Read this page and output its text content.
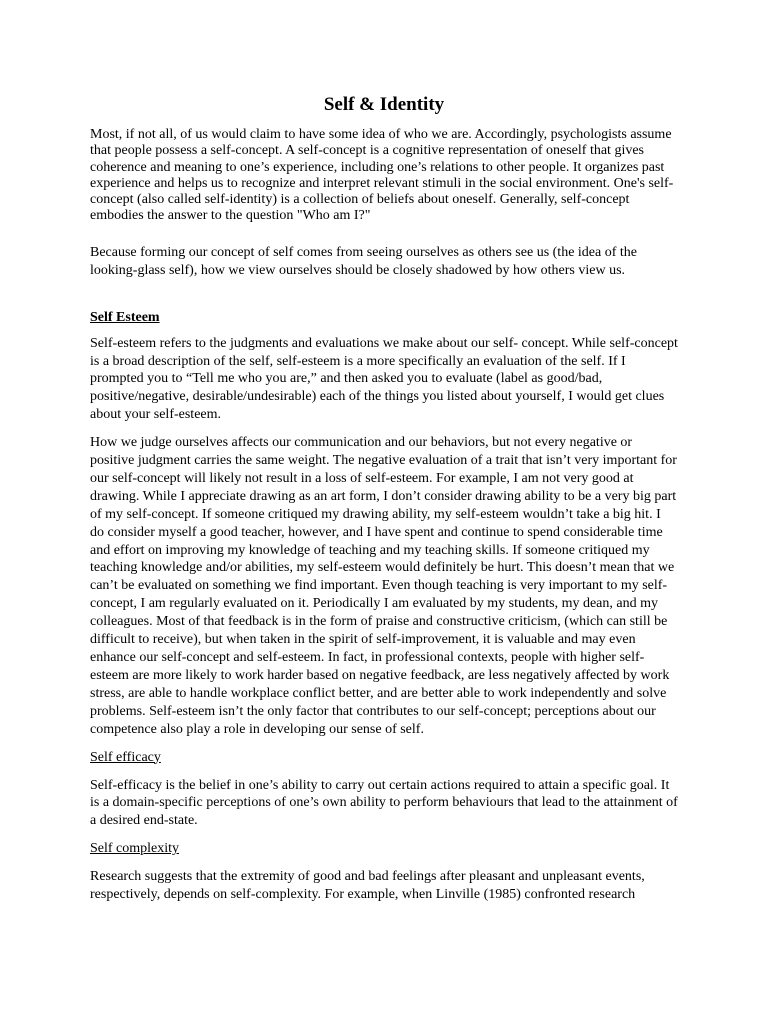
Self & Identity

Most, if not all, of us would claim to have some idea of who we are. Accordingly, psychologists assume that people possess a self-concept. A self-concept is a cognitive representation of oneself that gives coherence and meaning to one’s experience, including one’s relations to other people. It organizes past experience and helps us to recognize and interpret relevant stimuli in the social environment. One's self-concept (also called self-identity) is a collection of beliefs about oneself. Generally, self-concept embodies the answer to the question "Who am I?"

Because forming our concept of self comes from seeing ourselves as others see us (the idea of the looking-glass self), how we view ourselves should be closely shadowed by how others view us.

Self Esteem

Self-esteem refers to the judgments and evaluations we make about our self- concept. While self-concept is a broad description of the self, self-esteem is a more specifically an evaluation of the self. If I prompted you to “Tell me who you are,” and then asked you to evaluate (label as good/bad, positive/negative, desirable/undesirable) each of the things you listed about yourself, I would get clues about your self-esteem.

How we judge ourselves affects our communication and our behaviors, but not every negative or positive judgment carries the same weight. The negative evaluation of a trait that isn’t very important for our self-concept will likely not result in a loss of self-esteem. For example, I am not very good at drawing. While I appreciate drawing as an art form, I don’t consider drawing ability to be a very big part of my self-concept. If someone critiqued my drawing ability, my self-esteem wouldn’t take a big hit. I do consider myself a good teacher, however, and I have spent and continue to spend considerable time and effort on improving my knowledge of teaching and my teaching skills. If someone critiqued my teaching knowledge and/or abilities, my self-esteem would definitely be hurt. This doesn’t mean that we can’t be evaluated on something we find important. Even though teaching is very important to my self-concept, I am regularly evaluated on it. Periodically I am evaluated by my students, my dean, and my colleagues. Most of that feedback is in the form of praise and constructive criticism, (which can still be difficult to receive), but when taken in the spirit of self-improvement, it is valuable and may even enhance our self-concept and self-esteem. In fact, in professional contexts, people with higher self- esteem are more likely to work harder based on negative feedback, are less negatively affected by work stress, are able to handle workplace conflict better, and are better able to work independently and solve problems. Self-esteem isn’t the only factor that contributes to our self-concept; perceptions about our competence also play a role in developing our sense of self.

Self efficacy

Self-efficacy is the belief in one’s ability to carry out certain actions required to attain a specific goal. It is a domain-specific perceptions of one’s own ability to perform behaviours that lead to the attainment of a desired end-state.

Self complexity

Research suggests that the extremity of good and bad feelings after pleasant and unpleasant events, respectively, depends on self-complexity. For example, when Linville (1985) confronted research
